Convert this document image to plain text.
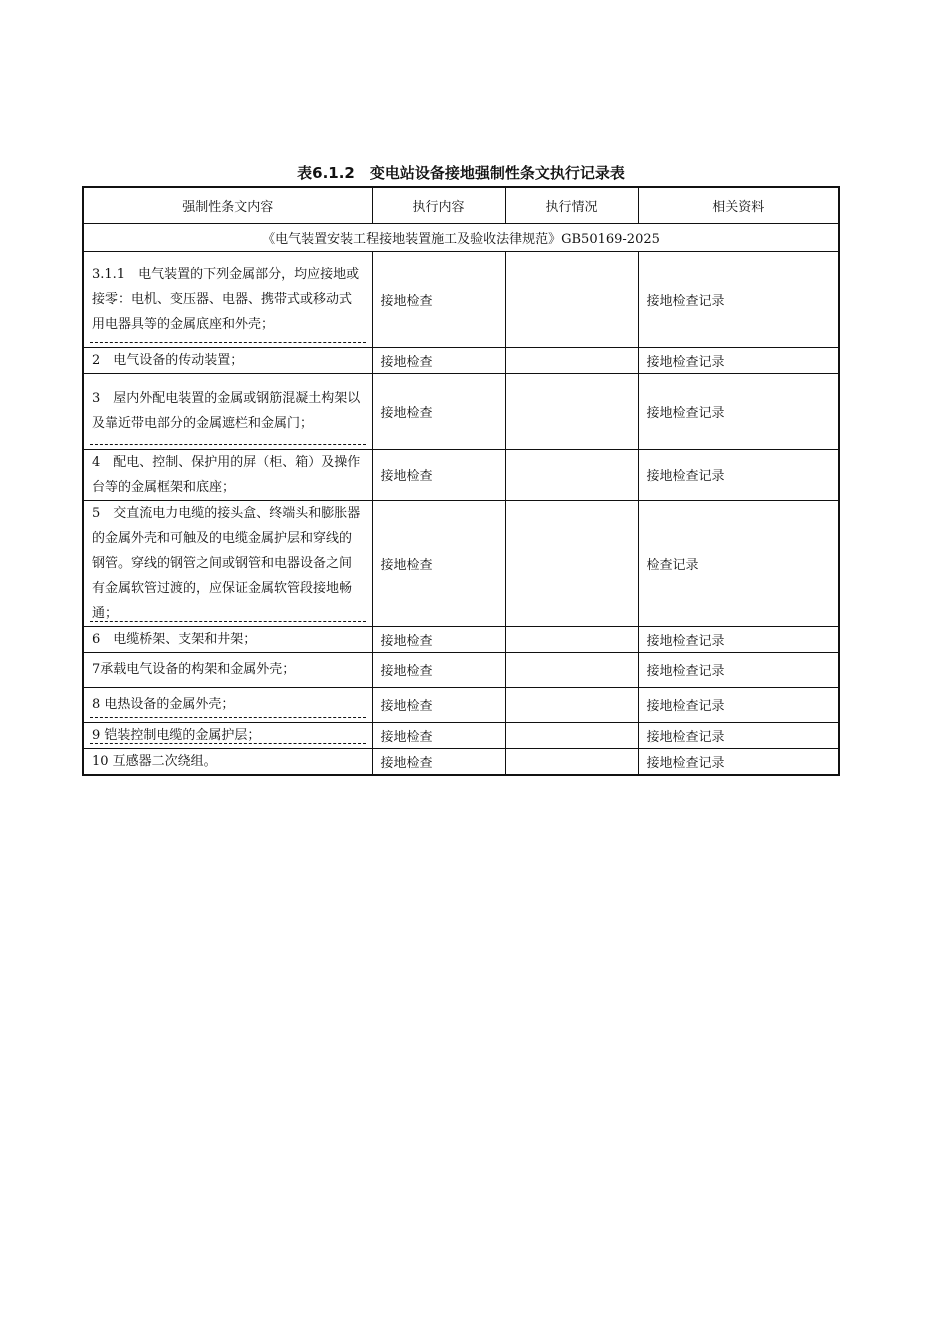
表6.1.2　变电站设备接地强制性条文执行记录表
强制性条文内容	执行内容	执行情况	相关资料
《电气装置安装工程接地装置施工及验收法律规范》GB50169-2025			
3.1.1　电气装置的下列金属部分，均应接地或接零：电机、变压器、电器、携带式或移动式用电器具等的金属底座和外壳；	接地检查		接地检查记录
2　电气设备的传动装置；	接地检查		接地检查记录
3　屋内外配电装置的金属或钢筋混凝土构架以及靠近带电部分的金属遮栏和金属门；	接地检查		接地检查记录
4　配电、控制、保护用的屏（柜、箱）及操作台等的金属框架和底座；	接地检查		接地检查记录
5　交直流电力电缆的接头盒、终端头和膨胀器的金属外壳和可触及的电缆金属护层和穿线的钢管。穿线的钢管之间或钢管和电器设备之间有金属软管过渡的，应保证金属软管段接地畅通；	接地检查		检查记录
6　电缆桥架、支架和井架；	接地检查		接地检查记录
7承载电气设备的构架和金属外壳；	接地检查		接地检查记录
8 电热设备的金属外壳；	接地检查		接地检查记录
9 铠装控制电缆的金属护层；	接地检查		接地检查记录
10 互感器二次绕组。	接地检查		接地检查记录
